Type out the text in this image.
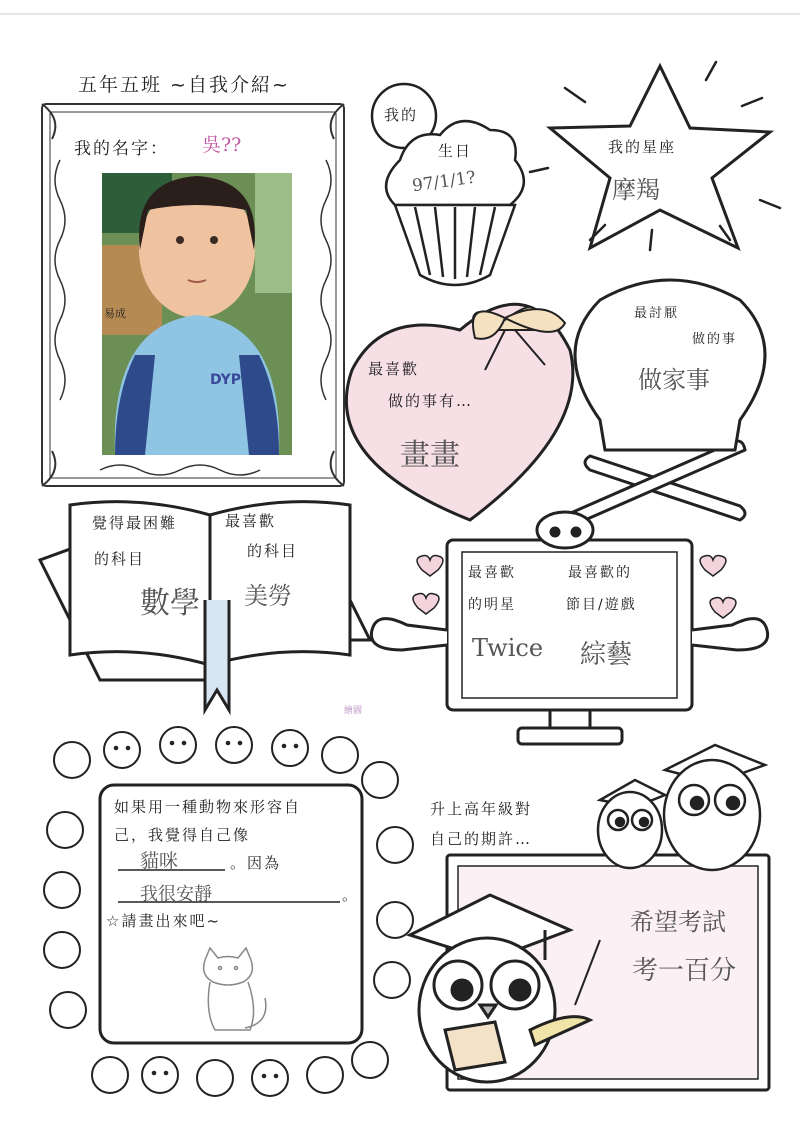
五年五班 ~自我介紹~
我的名字： 吳??
DYP
易成
我的
生日
97/1/1?
我的星座
摩羯
最喜歡
做的事有…
畫畫
最討厭
做的事
做家事
覺得最困難
的科目
數學
最喜歡
的科目
美勞
最喜歡
的明星
Twice
最喜歡的
節目/遊戲
綜藝
如果用一種動物來形容自
己，我覺得自己像
貓咪	。因為
我很安靜	。
☆請畫出來吧~
升上高年級對
自己的期許…
希望考試
考一百分
繪圖
